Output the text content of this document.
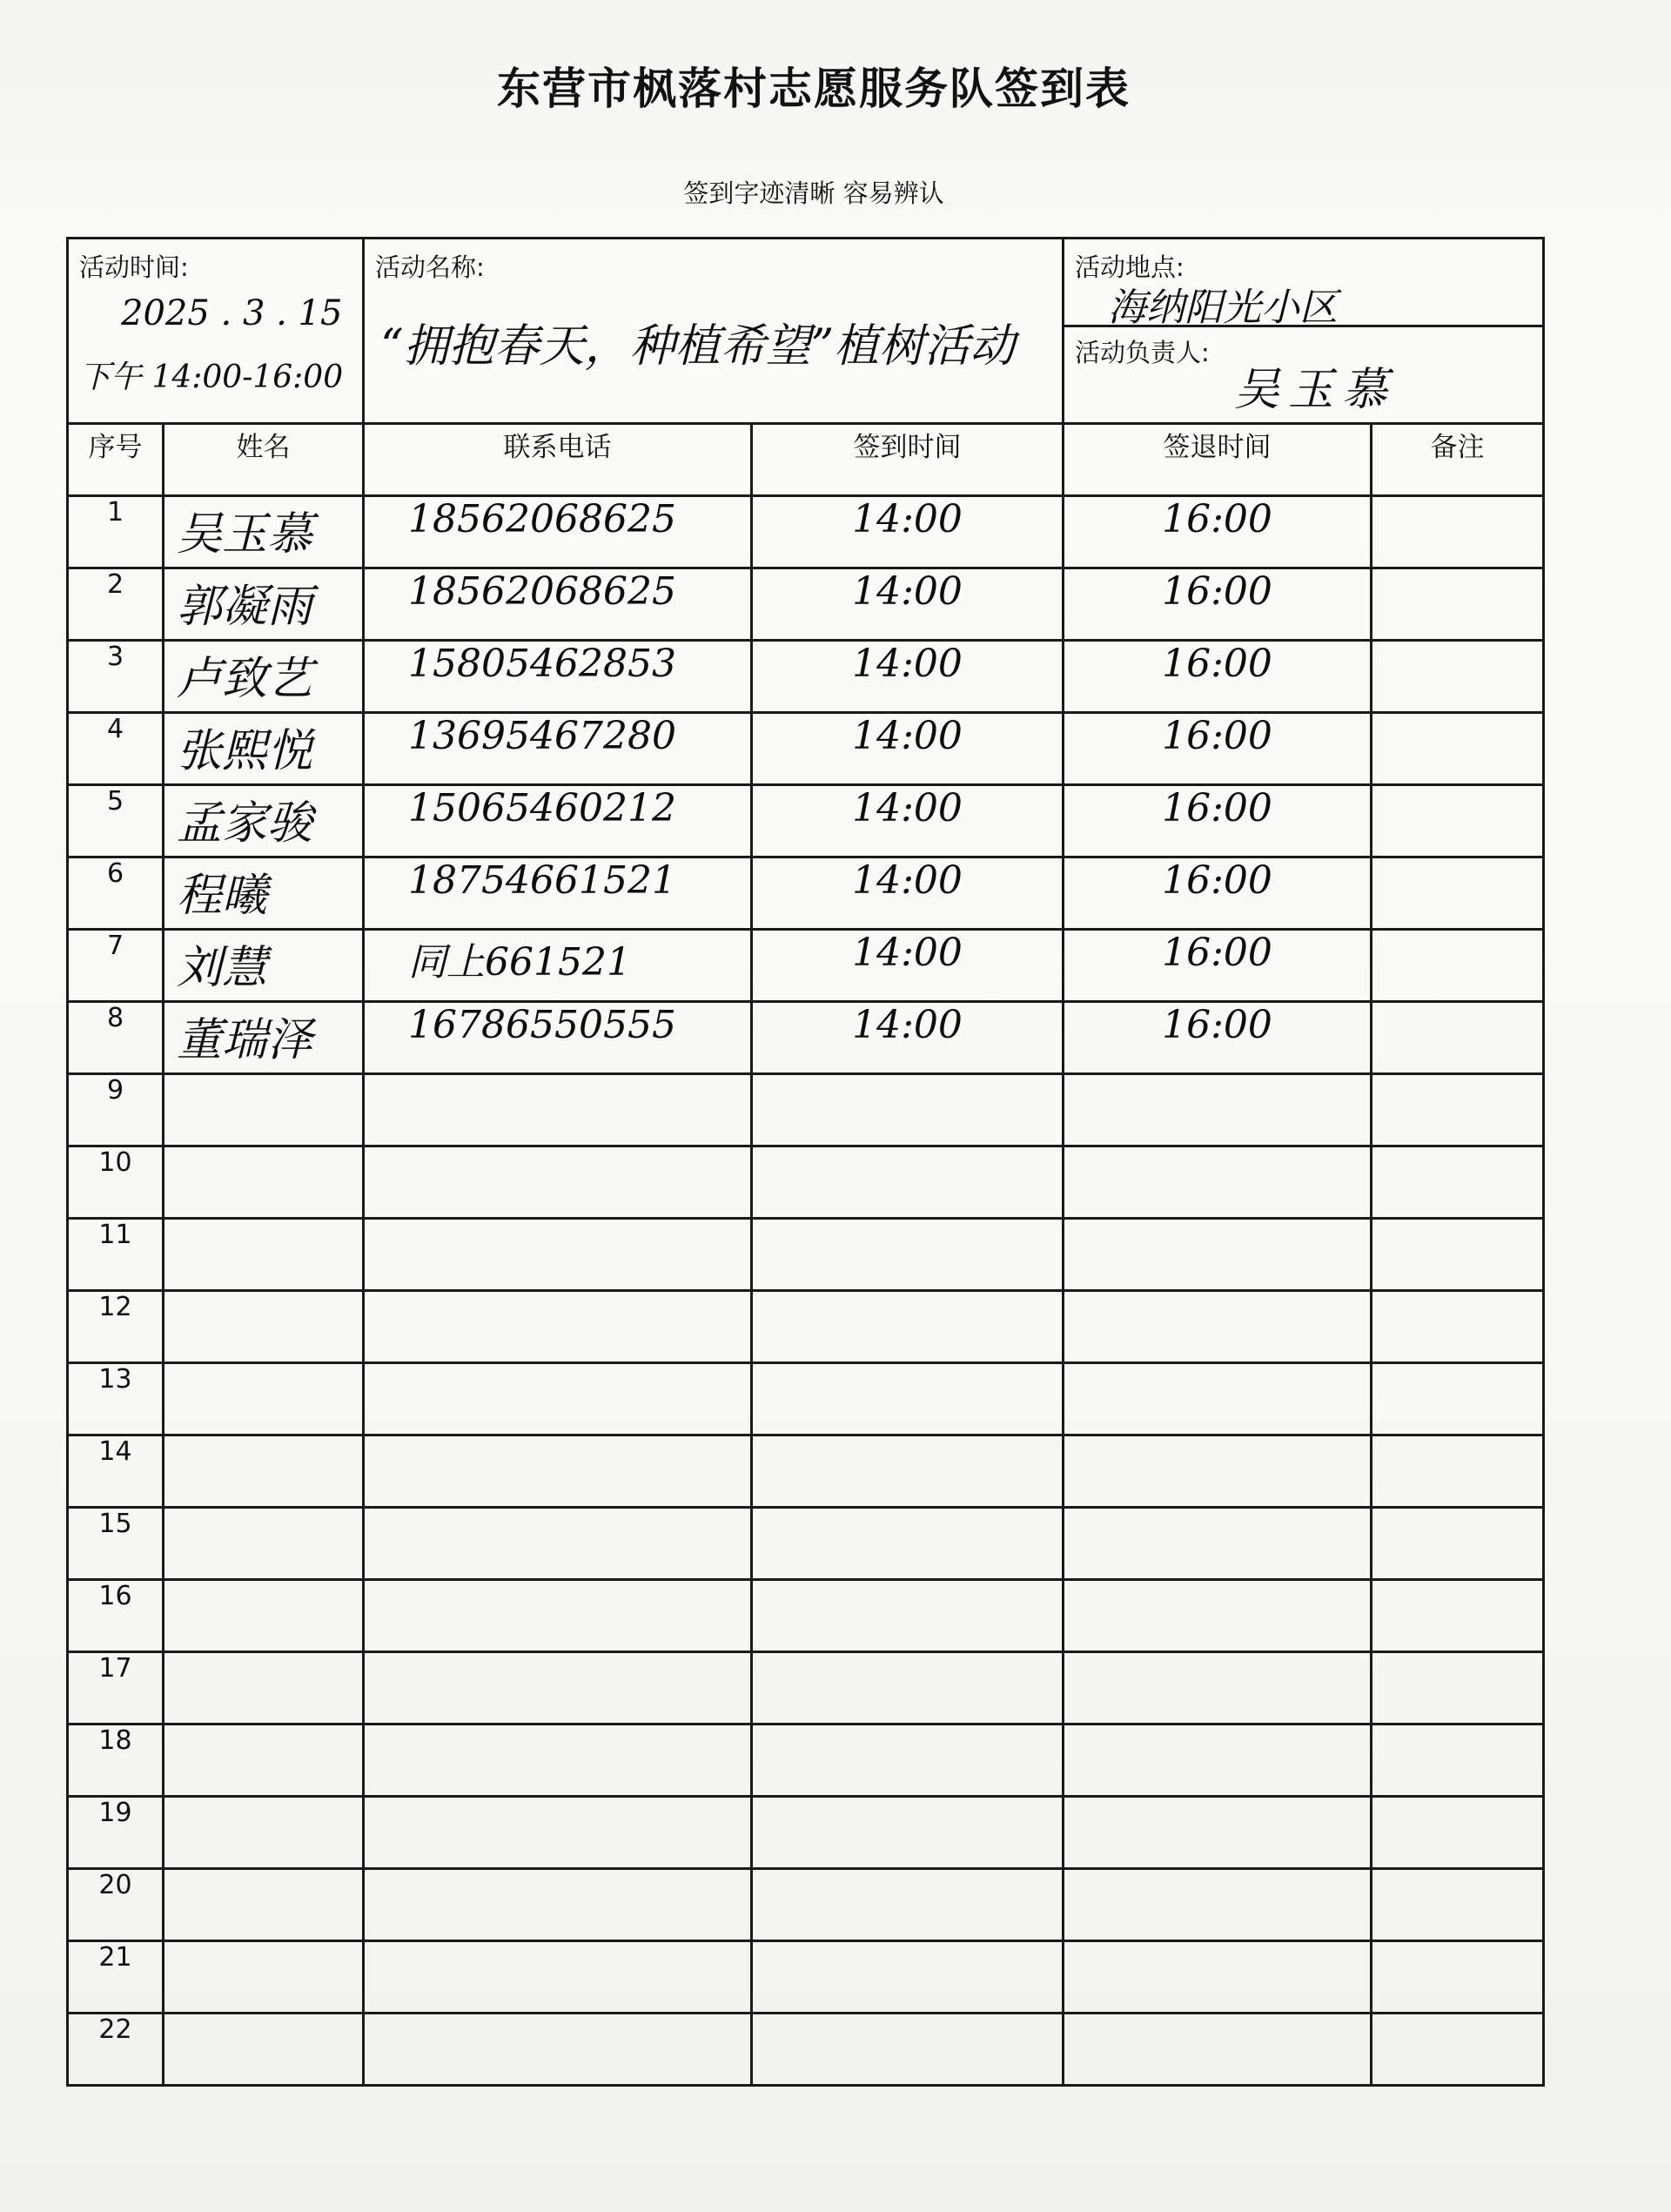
东营市枫落村志愿服务队签到表
签到字迹清晰 容易辨认
活动时间:
2025 . 3 . 15
下午 14:00-16:00		活动名称:
“拥抱春天，种植希望”植树活动		活动地点:
海纳阳光小区
活动负责人:
吴玉慕	

序号	姓名	联系电话	签到时间	签退时间	备注
1	吴玉慕	18562068625	14:00	16:00	
2	郭凝雨	18562068625	14:00	16:00	
3	卢致艺	15805462853	14:00	16:00	
4	张熙悦	13695467280	14:00	16:00	
5	孟家骏	15065460212	14:00	16:00	
6	程曦	18754661521	14:00	16:00	
7	刘慧	同上661521	14:00	16:00	
8	董瑞泽	16786550555	14:00	16:00	
9					
10					
11					
12					
13					
14					
15					
16					
17					
18					
19					
20					
21					
22					
